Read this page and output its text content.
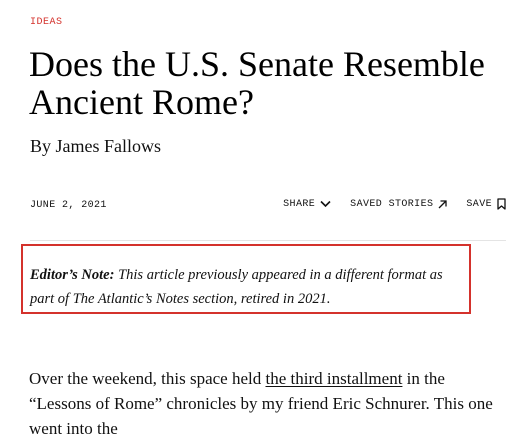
IDEAS
Does the U.S. Senate Resemble Ancient Rome?
By James Fallows
JUNE 2, 2021	SHARE	SAVED STORIES	SAVE

Editor’s Note: This article previously appeared in a different format as part of The Atlantic’s Notes section, retired in 2021.

Over the weekend, this space held the third installment in the “Lessons of Rome” chronicles by my friend Eric Schnurer. This one went into the
